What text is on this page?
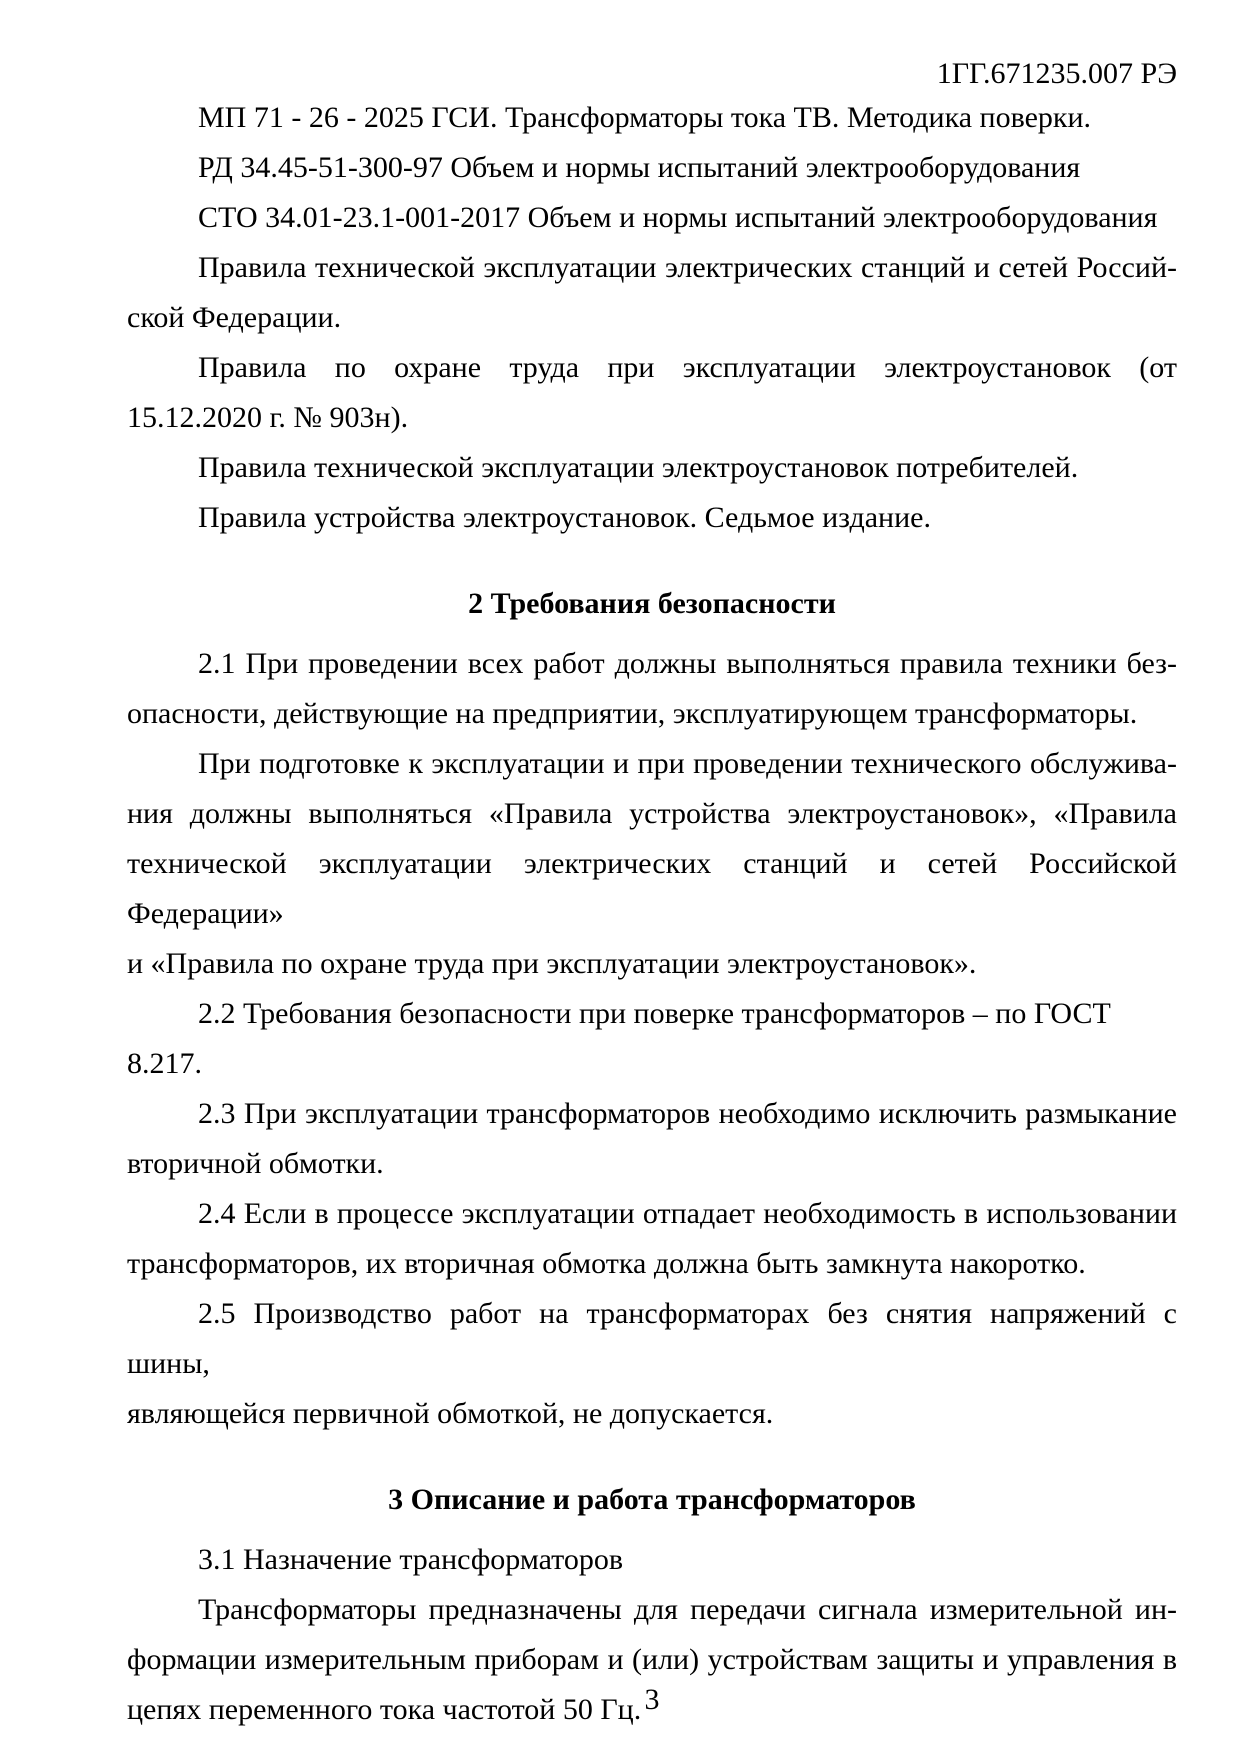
1ГГ.671235.007 РЭ
МП 71 - 26 - 2025 ГСИ. Трансформаторы тока ТВ. Методика поверки.
РД 34.45-51-300-97 Объем и нормы испытаний электрооборудования
СТО 34.01-23.1-001-2017 Объем и нормы испытаний электрооборудования
Правила технической эксплуатации электрических станций и сетей Россий-
ской Федерации.
Правила по охране труда при эксплуатации электроустановок (от
15.12.2020 г. № 903н).
Правила технической эксплуатации электроустановок потребителей.
Правила устройства электроустановок. Седьмое издание.
2 Требования безопасности
2.1 При проведении всех работ должны выполняться правила техники без-
опасности, действующие на предприятии, эксплуатирующем трансформаторы.
При подготовке к эксплуатации и при проведении технического обслужива-
ния должны выполняться «Правила устройства электроустановок», «Правила
технической эксплуатации электрических станций и сетей Российской Федерации»
и «Правила по охране труда при эксплуатации электроустановок».
2.2 Требования безопасности при поверке трансформаторов – по ГОСТ 8.217.
2.3 При эксплуатации трансформаторов необходимо исключить размыкание
вторичной обмотки.
2.4 Если в процессе эксплуатации отпадает необходимость в использовании
трансформаторов, их вторичная обмотка должна быть замкнута накоротко.
2.5 Производство работ на трансформаторах без снятия напряжений с шины,
являющейся первичной обмоткой, не допускается.
3 Описание и работа трансформаторов
3.1 Назначение трансформаторов
Трансформаторы предназначены для передачи сигнала измерительной ин-
формации измерительным приборам и (или) устройствам защиты и управления в
цепях переменного тока частотой 50 Гц. 3
